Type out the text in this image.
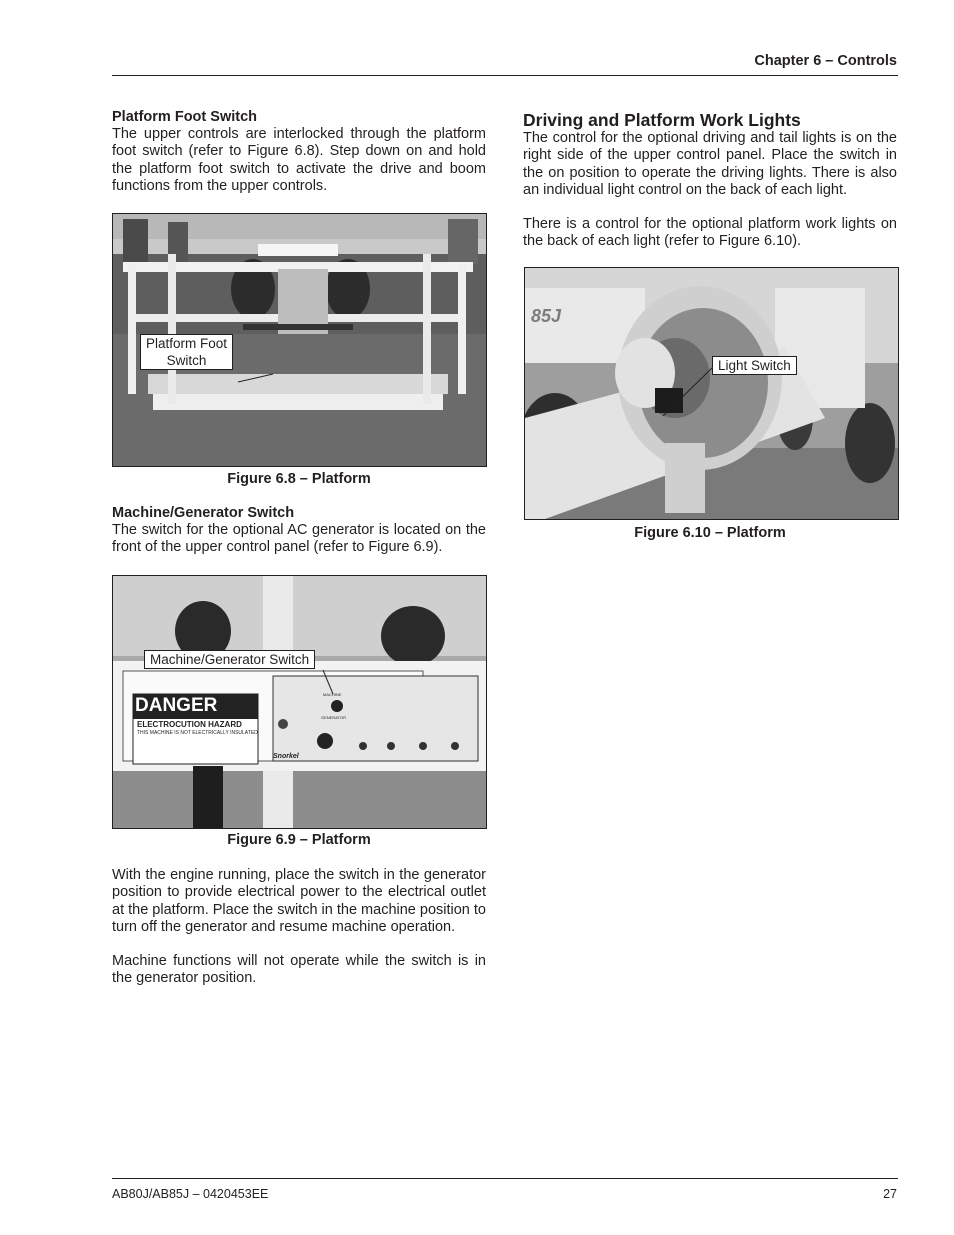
Chapter 6 – Controls
Platform Foot Switch

The upper controls are interlocked through the platform foot switch (refer to Figure 6.8). Step down on and hold the platform foot switch to activate the drive and boom functions from the upper controls.

Platform Foot
Switch
Figure 6.8 – Platform
Machine/Generator Switch

The switch for the optional AC generator is located on the front of the upper control panel (refer to Figure 6.9).

DANGER
ELECTROCUTION HAZARD
THIS MACHINE IS NOT ELECTRICALLY INSULATED
Snorkel
MACHINE
GENERATOR
Machine/Generator Switch
Figure 6.9 – Platform

With the engine running, place the switch in the generator position to provide electrical power to the electrical outlet at the platform. Place the switch in the machine position to turn off the generator and resume machine operation.

Machine functions will not operate while the switch is in the generator position.

Driving and Platform Work Lights

The control for the optional driving and tail lights is on the right side of the upper control panel. Place the switch in the on position to operate the driving lights. There is also an individual light control on the back of each light.

There is a control for the optional platform work lights on the back of each light (refer to Figure 6.10).

85J
Light Switch
Figure 6.10 – Platform
AB80J/AB85J – 0420453EE	27
